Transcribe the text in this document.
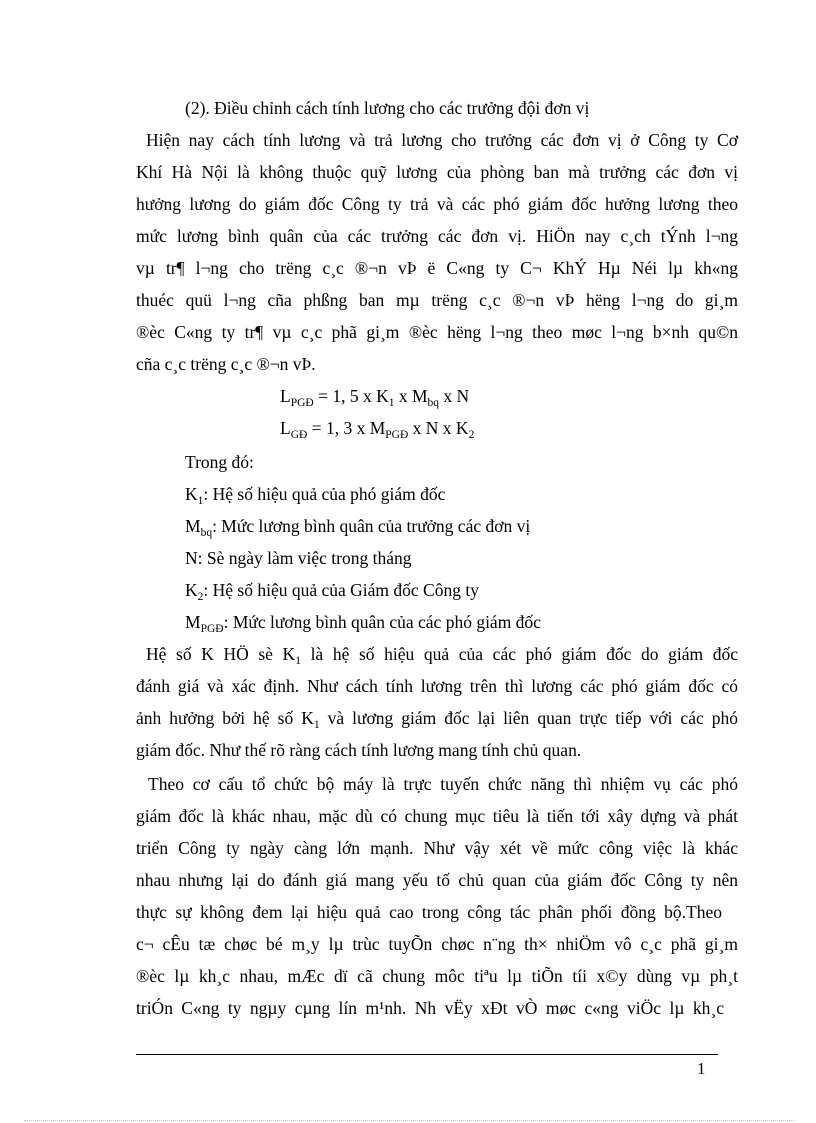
(2). Điều chỉnh cách tính lương cho các trưởng đội đơn vị
Hiện nay cách tính lương và trả lương cho trưởng các đơn vị ở Công ty Cơ
Khí Hà Nội là không thuộc quỹ lương của phòng ban mà trưởng các đơn vị
hưởng lương do giám đốc Công ty trả và các phó giám đốc hưởng lương theo
mức lương bình quân của các trưởng các đơn vị. HiÖn nay c¸ch tÝnh l¬ng
vµ tr¶ l¬ng cho trëng c¸c ®¬n vÞ ë C«ng ty C¬ KhÝ Hµ Néi lµ kh«ng
thuéc quü l¬ng cña phßng ban mµ trëng c¸c ®¬n vÞ hëng l¬ng do gi¸m
®èc C«ng ty tr¶ vµ c¸c phã gi¸m ®èc hëng l¬ng theo møc l¬ng b×nh qu©n
cña c¸c trëng c¸c ®¬n vÞ.
$L_{PGĐ} = 1$, 5 x $K_1$ x $M_{bq}$ x N
$L_{GĐ} = 1$, 3 x $M_{PGĐ}$ x N x $K_2$
Trong đó:
$K_1$: Hệ số hiệu quả của phó giám đốc
$M_{bq}$: Mức lương bình quân của trưởng các đơn vị
N: Sè ngày làm việc trong tháng
$K_2$: Hệ số hiệu quả của Giám đốc Công ty
$M_{PGĐ}$: Mức lương bình quân của các phó giám đốc
Hệ số K HÖ sè $K_1$ là hệ số hiệu quả của các phó giám đốc do giám đốc
đánh giá và xác định. Như cách tính lương trên thì lương các phó giám đốc có
ảnh hưởng bởi hệ số $K_1$ và lương giám đốc lại liên quan trực tiếp với các phó
giám đốc. Như thế rõ ràng cách tính lương mang tính chủ quan.
Theo cơ cấu tổ chức bộ máy là trực tuyến chức năng thì nhiệm vụ các phó
giám đốc là khác nhau, mặc dù có chung mục tiêu là tiến tới xây dựng và phát
triển Công ty ngày càng lớn mạnh. Như vậy xét về mức công việc là khác
nhau nhưng lại do đánh giá mang yếu tố chủ quan của giám đốc Công ty nên
thực sự không đem lại hiệu quả cao trong công tác phân phối đồng bộ.Theo
c¬ cÊu tæ chøc bé m¸y lµ trùc tuyÕn chøc n¨ng th× nhiÖm vô c¸c phã gi¸m
®èc lµ kh¸c nhau, mÆc dï cã chung môc tiªu lµ tiÕn tíi x©y dùng vµ ph¸t
triÓn C«ng ty ngµy cµng lín m¹nh. Nh vËy xÐt vÒ møc c«ng viÖc lµ kh¸c
1
